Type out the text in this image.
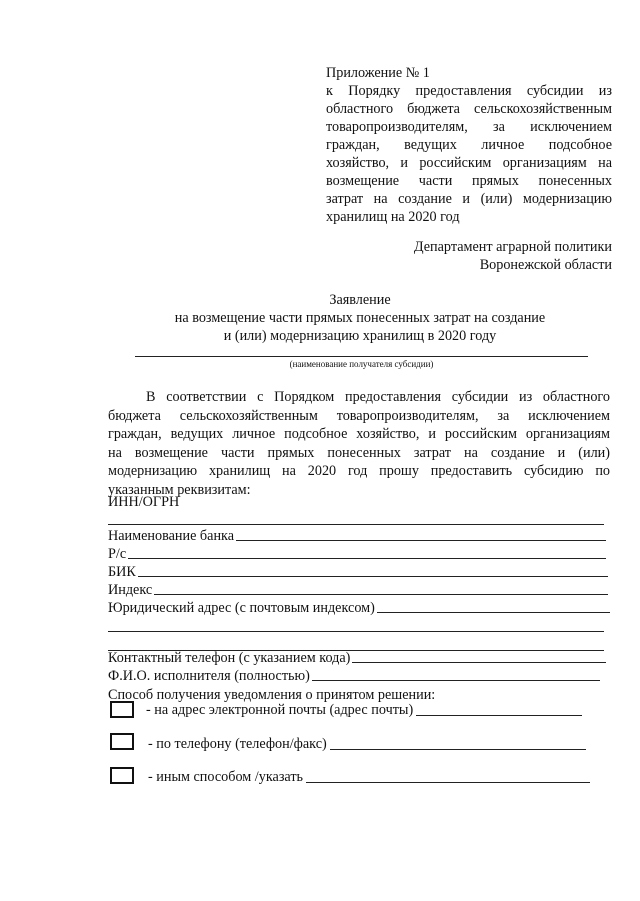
Приложение № 1
к Порядку предоставления субсидии из
областного бюджета сельскохозяйственным
товаропроизводителям, за исключением
граждан, ведущих личное подсобное
хозяйство, и российским организациям на
возмещение части прямых понесенных
затрат на создание и (или) модернизацию
хранилищ на 2020 год
Департамент аграрной политики
Воронежской области
Заявление
на возмещение части прямых понесенных затрат на создание
и (или) модернизацию хранилищ в 2020 году
(наименование получателя субсидии)
В соответствии с Порядком предоставления субсидии из областного
бюджета сельскохозяйственным товаропроизводителям, за исключением
граждан, ведущих личное подсобное хозяйство, и российским организациям
на возмещение части прямых понесенных затрат на создание и (или)
модернизацию хранилищ на 2020 год прошу предоставить субсидию по
указанным реквизитам:
ИНН/ОГРН
Наименование банка
Р/с
БИК
Индекс
Юридический адрес (с почтовым индексом)
Контактный телефон (с указанием кода)
Ф.И.О. исполнителя (полностью)
Способ получения уведомления о принятом решении:
- на адрес электронной почты (адрес почты)
- по телефону (телефон/факс)
- иным способом /указать
